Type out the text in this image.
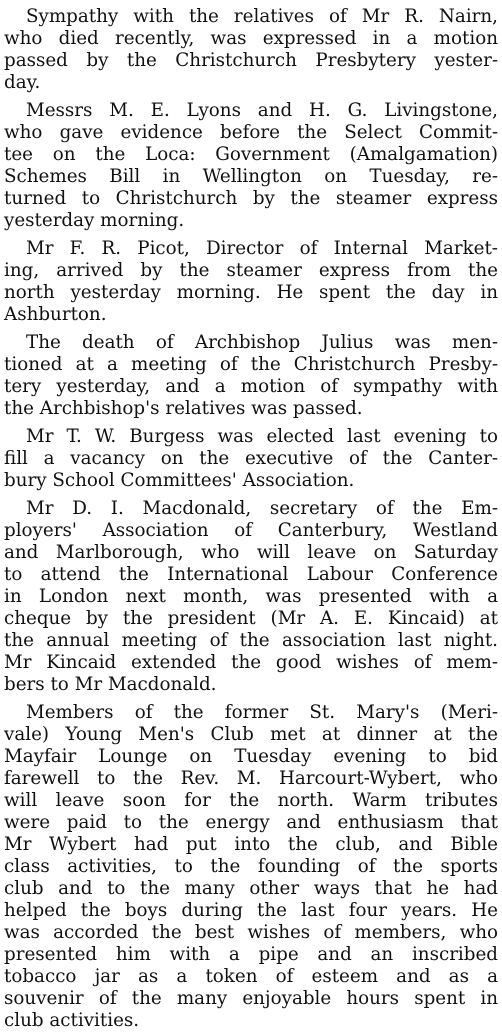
Sympathy with the relatives of Mr R. Nairn,
who died recently, was expressed in a motion
passed by the Christchurch Presbytery yester-
day.

Messrs M. E. Lyons and H. G. Livingstone,
who gave evidence before the Select Commit-
tee on the Loca: Government (Amalgamation)
Schemes Bill in Wellington on Tuesday, re-
turned to Christchurch by the steamer express
yesterday morning.

Mr F. R. Picot, Director of Internal Market-
ing, arrived by the steamer express from the
north yesterday morning. He spent the day in
Ashburton.

The death of Archbishop Julius was men-
tioned at a meeting of the Christchurch Presby-
tery yesterday, and a motion of sympathy with
the Archbishop's relatives was passed.

Mr T. W. Burgess was elected last evening to
fill a vacancy on the executive of the Canter-
bury School Committees' Association.

Mr D. I. Macdonald, secretary of the Em-
ployers' Association of Canterbury, Westland
and Marlborough, who will leave on Saturday
to attend the International Labour Conference
in London next month, was presented with a
cheque by the president (Mr A. E. Kincaid) at
the annual meeting of the association last night.
Mr Kincaid extended the good wishes of mem-
bers to Mr Macdonald.

Members of the former St. Mary's (Meri-
vale) Young Men's Club met at dinner at the
Mayfair Lounge on Tuesday evening to bid
farewell to the Rev. M. Harcourt-Wybert, who
will leave soon for the north. Warm tributes
were paid to the energy and enthusiasm that
Mr Wybert had put into the club, and Bible
class activities, to the founding of the sports
club and to the many other ways that he had
helped the boys during the last four years. He
was accorded the best wishes of members, who
presented him with a pipe and an inscribed
tobacco jar as a token of esteem and as a
souvenir of the many enjoyable hours spent in
club activities.
